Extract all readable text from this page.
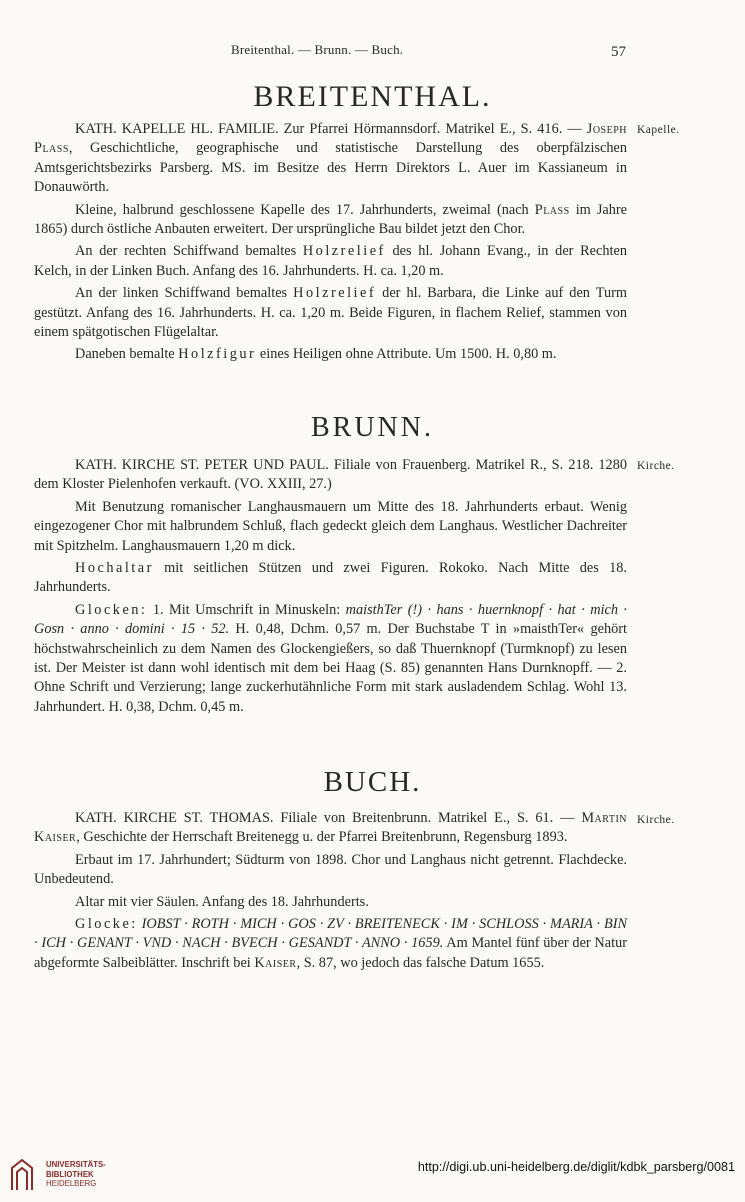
Breitenthal. — Brunn. — Buch.	57
BREITENTHAL.
Kapelle.

KATH. KAPELLE HL. FAMILIE. Zur Pfarrei Hörmannsdorf. Matrikel E., S. 416. — Joseph Plass, Geschichtliche, geographische und statistische Darstellung des oberpfälzischen Amtsgerichtsbezirks Parsberg. MS. im Besitze des Herrn Direktors L. Auer im Kassianeum in Donauwörth.

Kleine, halbrund geschlossene Kapelle des 17. Jahrhunderts, zweimal (nach Plass im Jahre 1865) durch östliche Anbauten erweitert. Der ursprüngliche Bau bildet jetzt den Chor.

An der rechten Schiffwand bemaltes Holzrelief des hl. Johann Evang., in der Rechten Kelch, in der Linken Buch. Anfang des 16. Jahrhunderts. H. ca. 1,20 m.

An der linken Schiffwand bemaltes Holzrelief der hl. Barbara, die Linke auf den Turm gestützt. Anfang des 16. Jahrhunderts. H. ca. 1,20 m. Beide Figuren, in flachem Relief, stammen von einem spätgotischen Flügelaltar.

Daneben bemalte Holzfigur eines Heiligen ohne Attribute. Um 1500. H. 0,80 m.

BRUNN.
Kirche.

KATH. KIRCHE ST. PETER UND PAUL. Filiale von Frauenberg. Matrikel R., S. 218. 1280 dem Kloster Pielenhofen verkauft. (VO. XXIII, 27.)

Mit Benutzung romanischer Langhausmauern um Mitte des 18. Jahrhunderts erbaut. Wenig eingezogener Chor mit halbrundem Schluß, flach gedeckt gleich dem Langhaus. Westlicher Dachreiter mit Spitzhelm. Langhausmauern 1,20 m dick.

Hochaltar mit seitlichen Stützen und zwei Figuren. Rokoko. Nach Mitte des 18. Jahrhunderts.

Glocken: 1. Mit Umschrift in Minuskeln: maisthTer (!) · hans · huernknopf · hat · mich · Gosn · anno · domini · 15 · 52. H. 0,48, Dchm. 0,57 m. Der Buchstabe T in »maisthTer« gehört höchstwahrscheinlich zu dem Namen des Glockengießers, so daß Thuernknopf (Turmknopf) zu lesen ist. Der Meister ist dann wohl identisch mit dem bei Haag (S. 85) genannten Hans Durnknopff. — 2. Ohne Schrift und Verzierung; lange zuckerhutähnliche Form mit stark ausladendem Schlag. Wohl 13. Jahrhundert. H. 0,38, Dchm. 0,45 m.

BUCH.
Kirche.

KATH. KIRCHE ST. THOMAS. Filiale von Breitenbrunn. Matrikel E., S. 61. — Martin Kaiser, Geschichte der Herrschaft Breitenegg u. der Pfarrei Breitenbrunn, Regensburg 1893.

Erbaut im 17. Jahrhundert; Südturm von 1898. Chor und Langhaus nicht getrennt. Flachdecke. Unbedeutend.

Altar mit vier Säulen. Anfang des 18. Jahrhunderts.

Glocke: IOBST · ROTH · MICH · GOS · ZV · BREITENECK · IM · SCHLOSS · MARIA · BIN · ICH · GENANT · VND · NACH · BVECH · GESANDT · ANNO · 1659. Am Mantel fünf über der Natur abgeformte Salbeiblätter. Inschrift bei Kaiser, S. 87, wo jedoch das falsche Datum 1655.

UNIVERSITÄTS-
BIBLIOTHEK
HEIDELBERG
http://digi.ub.uni-heidelberg.de/diglit/kdbk_parsberg/0081
